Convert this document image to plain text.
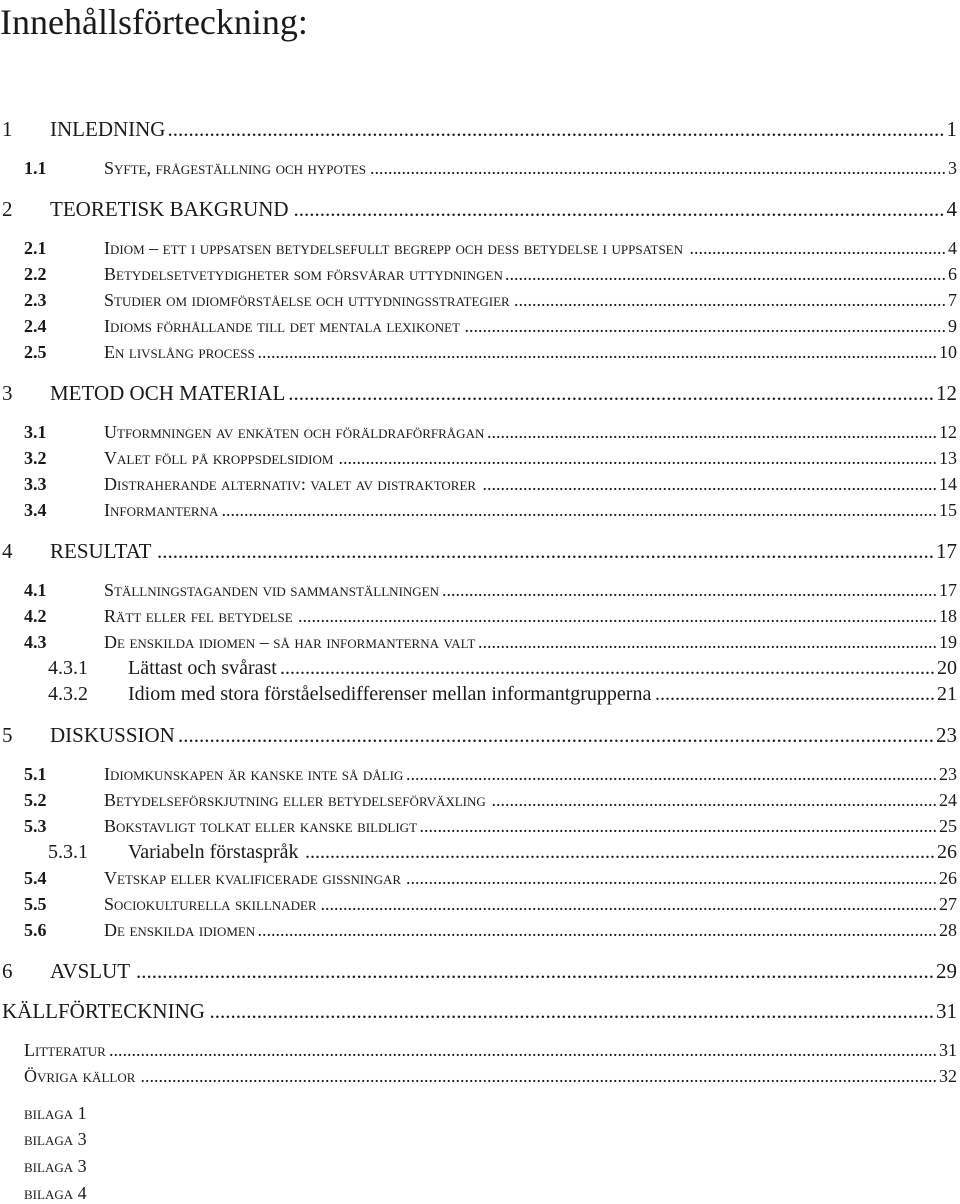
Innehållsförteckning:
1 INLEDNING	1
....................................................................................................................................................
1.1	Syfte, frågeställning och hypotes	3
................................................................................................................................
2 TEORETISK BAKGRUND	4
............................................................................................................................
2.1	Idiom – ett i uppsatsen betydelsefullt begrepp och dess betydelse i uppsatsen	4
.........................................................
2.2	Betydelsetvetydigheter som försvårar uttydningen	6
..................................................................................................
2.3	Studier om idiomförståelse och uttydningsstrategier	7
................................................................................................
2.4	Idioms förhållande till det mentala lexikonet	9
...........................................................................................................
2.5	En livslång process	10
.......................................................................................................................................................
3 METOD OCH MATERIAL	12
...........................................................................................................................
3.1	Utformningen av enkäten och föräldraförfrågan	12
....................................................................................................
3.2	Valet föll på kroppsdelsidiom	13
.....................................................................................................................................
3.3	Distraherande alternativ: valet av distraktorer	14
.....................................................................................................
3.4	Informanterna	15
...............................................................................................................................................................
4 RESULTAT	17
....................................................................................................................................................
4.1	Ställningstaganden vid sammanställningen	17
..............................................................................................................
4.2	Rätt eller fel betydelse	18
..............................................................................................................................................
4.3	De enskilda idiomen – så har informanterna valt	19
......................................................................................................
4.3.1 Lättast och svårast	20
...................................................................................................................................
4.3.2 Idiom med stora förståelsedifferenser mellan informantgrupperna	21
........................................................
5 DISKUSSION	23
................................................................................................................................................
5.1	Idiomkunskapen är kanske inte så dålig	23
......................................................................................................................
5.2	Betydelseförskjutning eller betydelseförväxling	24
...................................................................................................
5.3	Bokstavligt tolkat eller kanske bildligt	25
...................................................................................................................
5.3.1 Variabeln förstaspråk	26
..............................................................................................................................
5.4	Vetskap eller kvalificerade gissningar	26
......................................................................................................................
5.5	Sociokulturella skillnader	27
.........................................................................................................................................
5.6	De enskilda idiomen	28
.......................................................................................................................................................
6 AVSLUT	29
........................................................................................................................................................
KÄLLFÖRTECKNING	31
..........................................................................................................................................
Litteratur	31
........................................................................................................................................................................................
Övriga källor	32
.................................................................................................................................................................................
bilaga 1
bilaga 3
bilaga 3
bilaga 4
